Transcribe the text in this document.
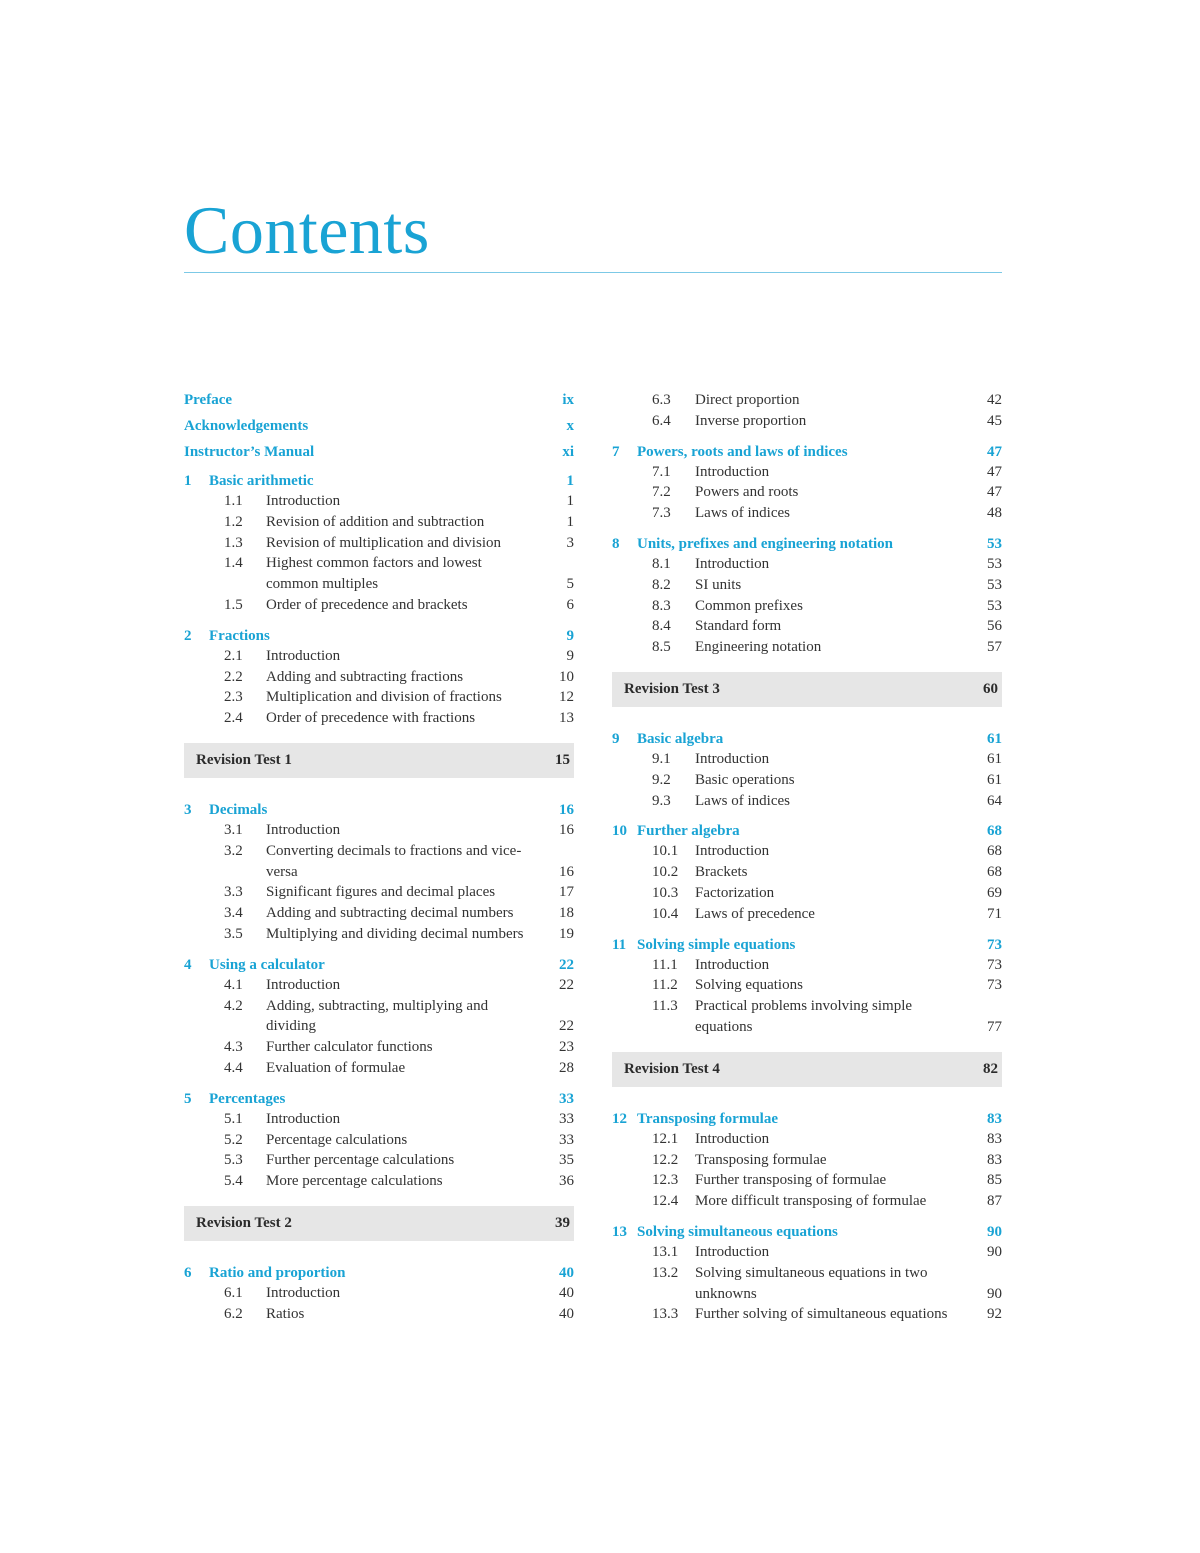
Contents
Preface	ix
Acknowledgements	x
Instructor’s Manual	xi
1	Basic arithmetic	1
1.1	Introduction	1
1.2	Revision of addition and subtraction	1
1.3	Revision of multiplication and division	3
1.4	Highest common factors and lowest common multiples	5
1.5	Order of precedence and brackets	6
2	Fractions	9
2.1	Introduction	9
2.2	Adding and subtracting fractions	10
2.3	Multiplication and division of fractions	12
2.4	Order of precedence with fractions	13
Revision Test 1	15
3	Decimals	16
3.1	Introduction	16
3.2	Converting decimals to fractions and vice-versa	16
3.3	Significant figures and decimal places	17
3.4	Adding and subtracting decimal numbers	18
3.5	Multiplying and dividing decimal numbers	19
4	Using a calculator	22
4.1	Introduction	22
4.2	Adding, subtracting, multiplying and dividing	22
4.3	Further calculator functions	23
4.4	Evaluation of formulae	28
5	Percentages	33
5.1	Introduction	33
5.2	Percentage calculations	33
5.3	Further percentage calculations	35
5.4	More percentage calculations	36
Revision Test 2	39
6	Ratio and proportion	40
6.1	Introduction	40
6.2	Ratios	40
6.3	Direct proportion	42
6.4	Inverse proportion	45
7	Powers, roots and laws of indices	47
7.1	Introduction	47
7.2	Powers and roots	47
7.3	Laws of indices	48
8	Units, prefixes and engineering notation	53
8.1	Introduction	53
8.2	SI units	53
8.3	Common prefixes	53
8.4	Standard form	56
8.5	Engineering notation	57
Revision Test 3	60
9	Basic algebra	61
9.1	Introduction	61
9.2	Basic operations	61
9.3	Laws of indices	64
10 Further algebra	68
10.1	Introduction	68
10.2	Brackets	68
10.3	Factorization	69
10.4	Laws of precedence	71
11 Solving simple equations	73
11.1	Introduction	73
11.2	Solving equations	73
11.3	Practical problems involving simple equations	77
Revision Test 4	82
12 Transposing formulae	83
12.1	Introduction	83
12.2	Transposing formulae	83
12.3	Further transposing of formulae	85
12.4	More difficult transposing of formulae	87
13 Solving simultaneous equations	90
13.1	Introduction	90
13.2	Solving simultaneous equations in two unknowns	90
13.3	Further solving of simultaneous equations	92
